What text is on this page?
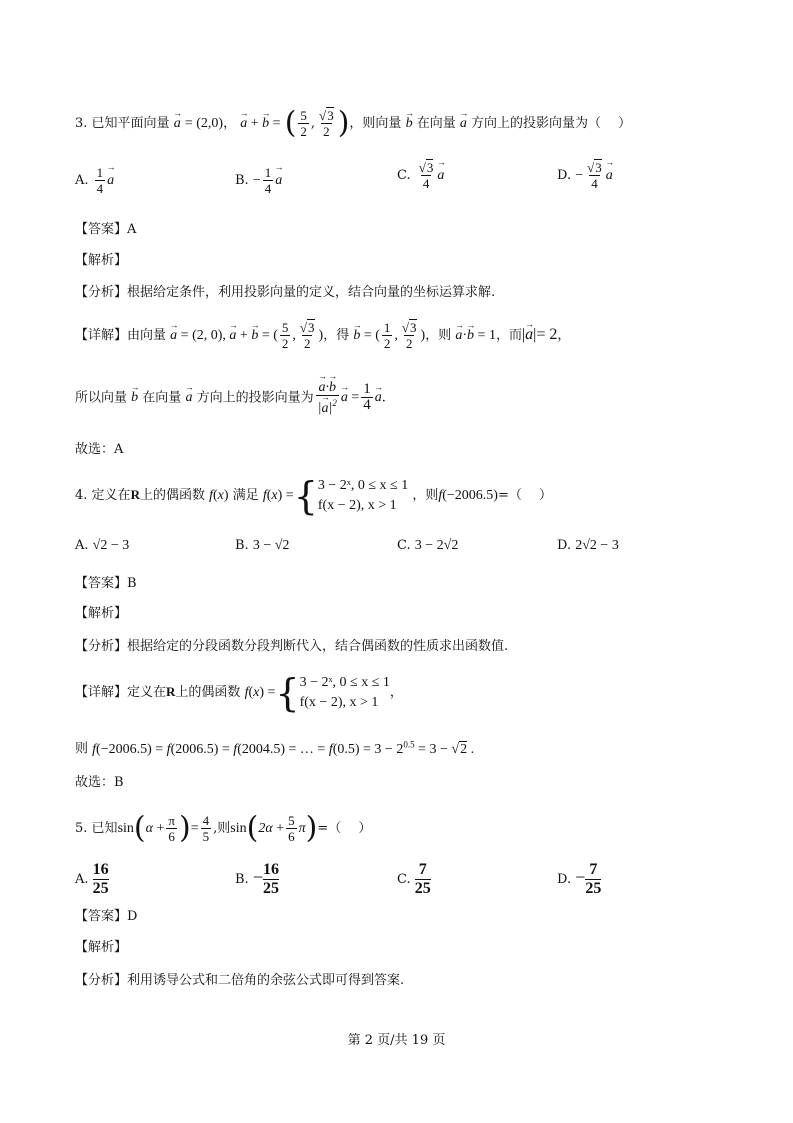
3. 已知平面向量 a → = (2,0)， a → + b → = ( $\frac{5}{2}$ , $\frac{√3}{2}$ )，则向量 b → 在向量 a → 方向上的投影向量为（　 ）
A. $\frac{1}{4}$ a →	B. − $\frac{1}{4}$ a →	C. $\frac{√3}{4}$ a →	D. − $\frac{√3}{4}$ a →
【答案】A
【解析】
【分析】根据给定条件，利用投影向量的定义，结合向量的坐标运算求解.
【详解】由向量 a → = (2, 0), a → + b → = ( $\frac{5}{2}$ , $\frac{√3}{2}$ )，得 b → = ( $\frac{1}{2}$ , $\frac{√3}{2}$ )，则 a →·b → = 1，而|a →|= 2，
所以向量 b → 在向量 a → 方向上的投影向量为 $\frac{a \to\cdot b \to}{|a \to|^2}$ a → = $\frac{1}{4}$ a →.
故选：A
4. 定义在R上的偶函数 f(x) 满足 f(x) ={ 3 − 2ˣ, 0 ≤ x ≤ 1
f(x − 2), x > 1
，则f(−2006.5)=（　 ）
A. √2 − 3	B. 3 − √2	C. 3 − 2√2	D. 2√2 − 3
【答案】B
【解析】
【分析】根据给定的分段函数分段判断代入，结合偶函数的性质求出函数值.
【详解】定义在R上的偶函数 f(x) ={ 3 − 2ˣ, 0 ≤ x ≤ 1
f(x − 2), x > 1
，
则 f(−2006.5) = f(2006.5) = f(2004.5) = … = $f(0.5) = 3 - 2^{0.5} = 3 - √2$ .
故选：B
5. 已知$\sin(\alpha + \frac{\pi}{6}$ )= $\frac{4}{5}$ ,则$\sin(2\alpha + \frac{5}{6} \pi)=$（　 ）
A. $\frac{16}{25}$	B. − $\frac{16}{25}$	C. $\frac{7}{25}$	D. − $\frac{7}{25}$
【答案】D
【解析】
【分析】利用诱导公式和二倍角的余弦公式即可得到答案.
第 2 页/共 19 页
